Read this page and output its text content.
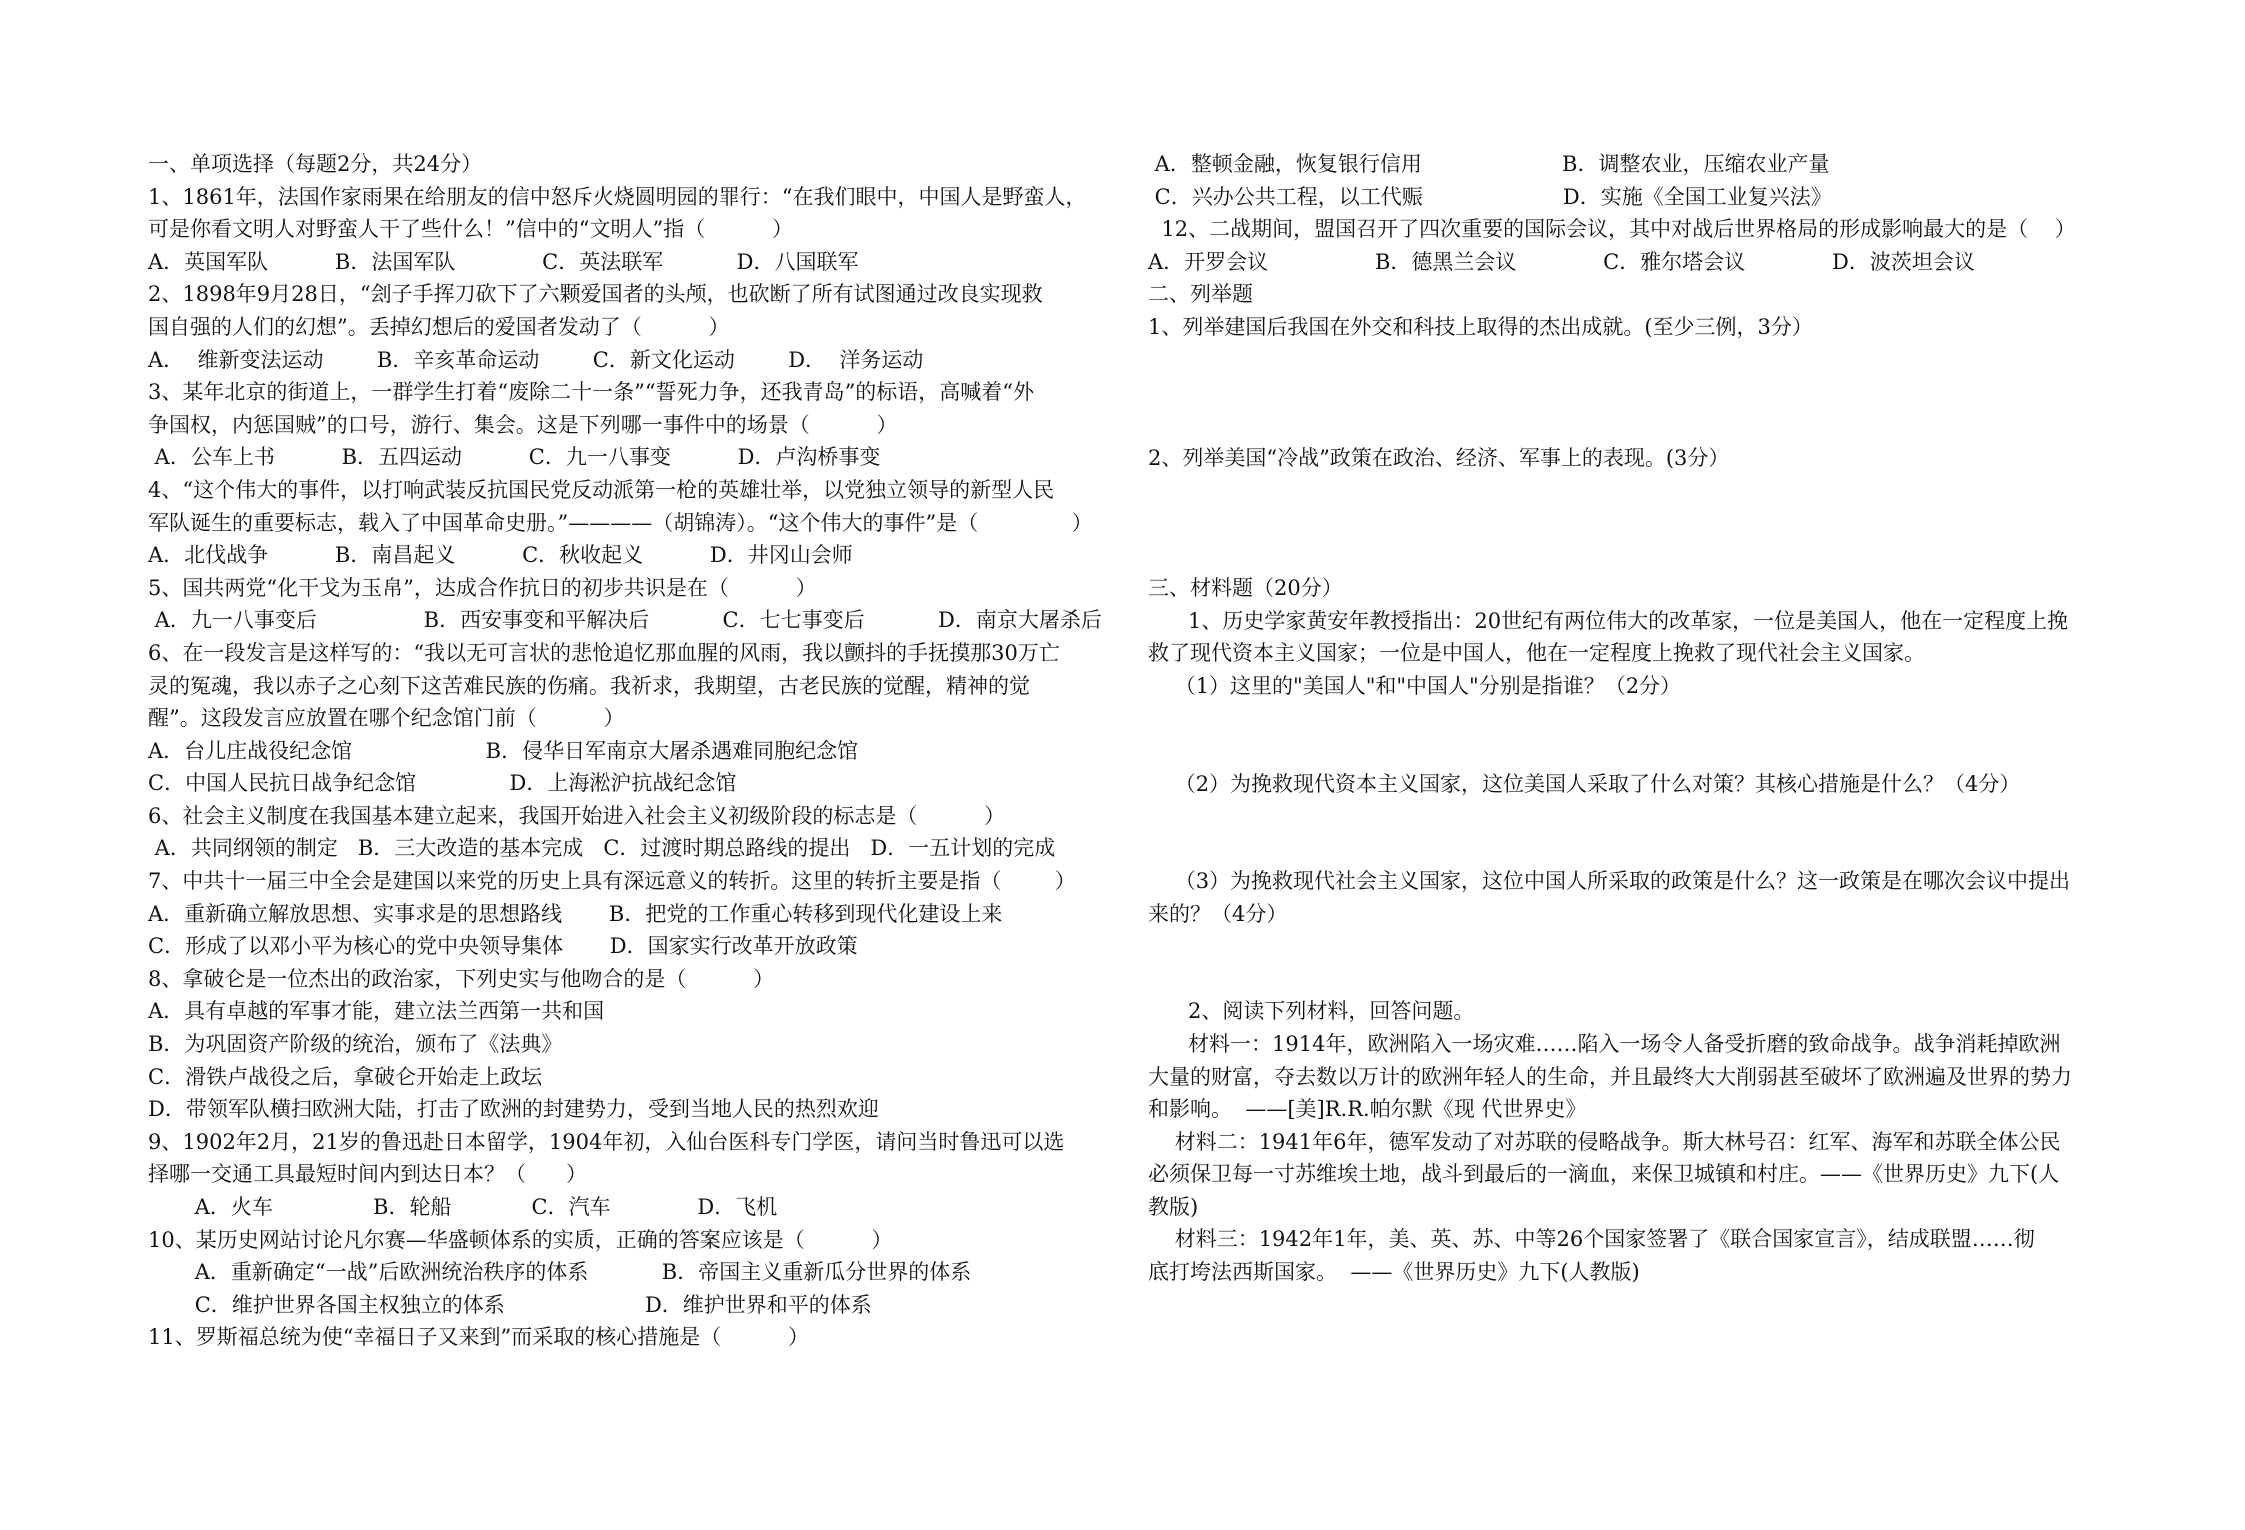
一、单项选择（每题2分，共24分）
1、1861年，法国作家雨果在给朋友的信中怒斥火烧圆明园的罪行：“在我们眼中，中国人是野蛮人，
可是你看文明人对野蛮人干了些什么！”信中的“文明人”指（          ）
A．英国军队          B．法国军队             C．英法联军           D．八国联军
2、1898年9月28日，“刽子手挥刀砍下了六颗爱国者的头颅，也砍断了所有试图通过改良实现救
国自强的人们的幻想”。丢掉幻想后的爱国者发动了（          ）
A．  维新变法运动        B．辛亥革命运动        C．新文化运动        D．  洋务运动
3、某年北京的街道上，一群学生打着“废除二十一条”“誓死力争，还我青岛”的标语，高喊着“外
争国权，内惩国贼”的口号，游行、集会。这是下列哪一事件中的场景（          ）
A．公车上书          B．五四运动          C．九一八事变          D．卢沟桥事变
4、“这个伟大的事件，以打响武装反抗国民党反动派第一枪的英雄壮举，以党独立领导的新型人民
军队诞生的重要标志，载入了中国革命史册。”————（胡锦涛）。“这个伟大的事件”是（              ）
A．北伐战争          B．南昌起义          C．秋收起义          D．井冈山会师
5、国共两党“化干戈为玉帛”，达成合作抗日的初步共识是在（          ）
A．九一八事变后                B．西安事变和平解决后           C．七七事变后           D．南京大屠杀后
6、在一段发言是这样写的：“我以无可言状的悲怆追忆那血腥的风雨，我以颤抖的手抚摸那30万亡
灵的冤魂，我以赤子之心刻下这苦难民族的伤痛。我祈求，我期望，古老民族的觉醒，精神的觉
醒”。这段发言应放置在哪个纪念馆门前（          ）
A．台儿庄战役纪念馆                    B．侵华日军南京大屠杀遇难同胞纪念馆
C．中国人民抗日战争纪念馆              D．上海淞沪抗战纪念馆
6、社会主义制度在我国基本建立起来，我国开始进入社会主义初级阶段的标志是（          ）
A．共同纲领的制定   B．三大改造的基本完成   C．过渡时期总路线的提出   D．一五计划的完成
7、中共十一届三中全会是建国以来党的历史上具有深远意义的转折。这里的转折主要是指（        ）
A．重新确立解放思想、实事求是的思想路线       B．把党的工作重心转移到现代化建设上来
C．形成了以邓小平为核心的党中央领导集体       D．国家实行改革开放政策
8、拿破仑是一位杰出的政治家，下列史实与他吻合的是（          ）
A．具有卓越的军事才能，建立法兰西第一共和国
B．为巩固资产阶级的统治，颁布了《法典》
C．滑铁卢战役之后，拿破仑开始走上政坛
D．带领军队横扫欧洲大陆，打击了欧洲的封建势力，受到当地人民的热烈欢迎
9、1902年2月，21岁的鲁迅赴日本留学，1904年初，入仙台医科专门学医，请问当时鲁迅可以选
择哪一交通工具最短时间内到达日本？（      ）
A．火车               B．轮船            C．汽车             D．飞机
10、某历史网站讨论凡尔赛—华盛顿体系的实质，正确的答案应该是（          ）
A．重新确定“一战”后欧洲统治秩序的体系           B．帝国主义重新瓜分世界的体系
C．维护世界各国主权独立的体系                     D．维护世界和平的体系
11、罗斯福总统为使“幸福日子又来到”而采取的核心措施是（          ）
A．整顿金融，恢复银行信用                     B．调整农业，压缩农业产量
C．兴办公共工程，以工代赈                     D．实施《全国工业复兴法》
12、二战期间，盟国召开了四次重要的国际会议，其中对战后世界格局的形成影响最大的是（    ）
A．开罗会议                B．德黑兰会议             C．雅尔塔会议             D．波茨坦会议
二、列举题
1、列举建国后我国在外交和科技上取得的杰出成就。(至少三例，3分）
2、列举美国“冷战”政策在政治、经济、军事上的表现。(3分）
三、材料题（20分）
1、历史学家黄安年教授指出：20世纪有两位伟大的改革家，一位是美国人，他在一定程度上挽
救了现代资本主义国家；一位是中国人，他在一定程度上挽救了现代社会主义国家。
（1）这里的"美国人"和"中国人"分别是指谁？（2分）
（2）为挽救现代资本主义国家，这位美国人采取了什么对策？其核心措施是什么？（4分）
（3）为挽救现代社会主义国家，这位中国人所采取的政策是什么？这一政策是在哪次会议中提出
来的？（4分）
2、阅读下列材料，回答问题。
材料一：1914年，欧洲陷入一场灾难……陷入一场令人备受折磨的致命战争。战争消耗掉欧洲
大量的财富，夺去数以万计的欧洲年轻人的生命，并且最终大大削弱甚至破坏了欧洲遍及世界的势力
和影响。  ——[美]R.R.帕尔默《现 代世界史》
材料二：1941年6年，德军发动了对苏联的侵略战争。斯大林号召：红军、海军和苏联全体公民
必须保卫每一寸苏维埃土地，战斗到最后的一滴血，来保卫城镇和村庄。——《世界历史》九下(人
教版)
材料三：1942年1年，美、英、苏、中等26个国家签署了《联合国家宣言》，结成联盟……彻
底打垮法西斯国家。  ——《世界历史》九下(人教版)
